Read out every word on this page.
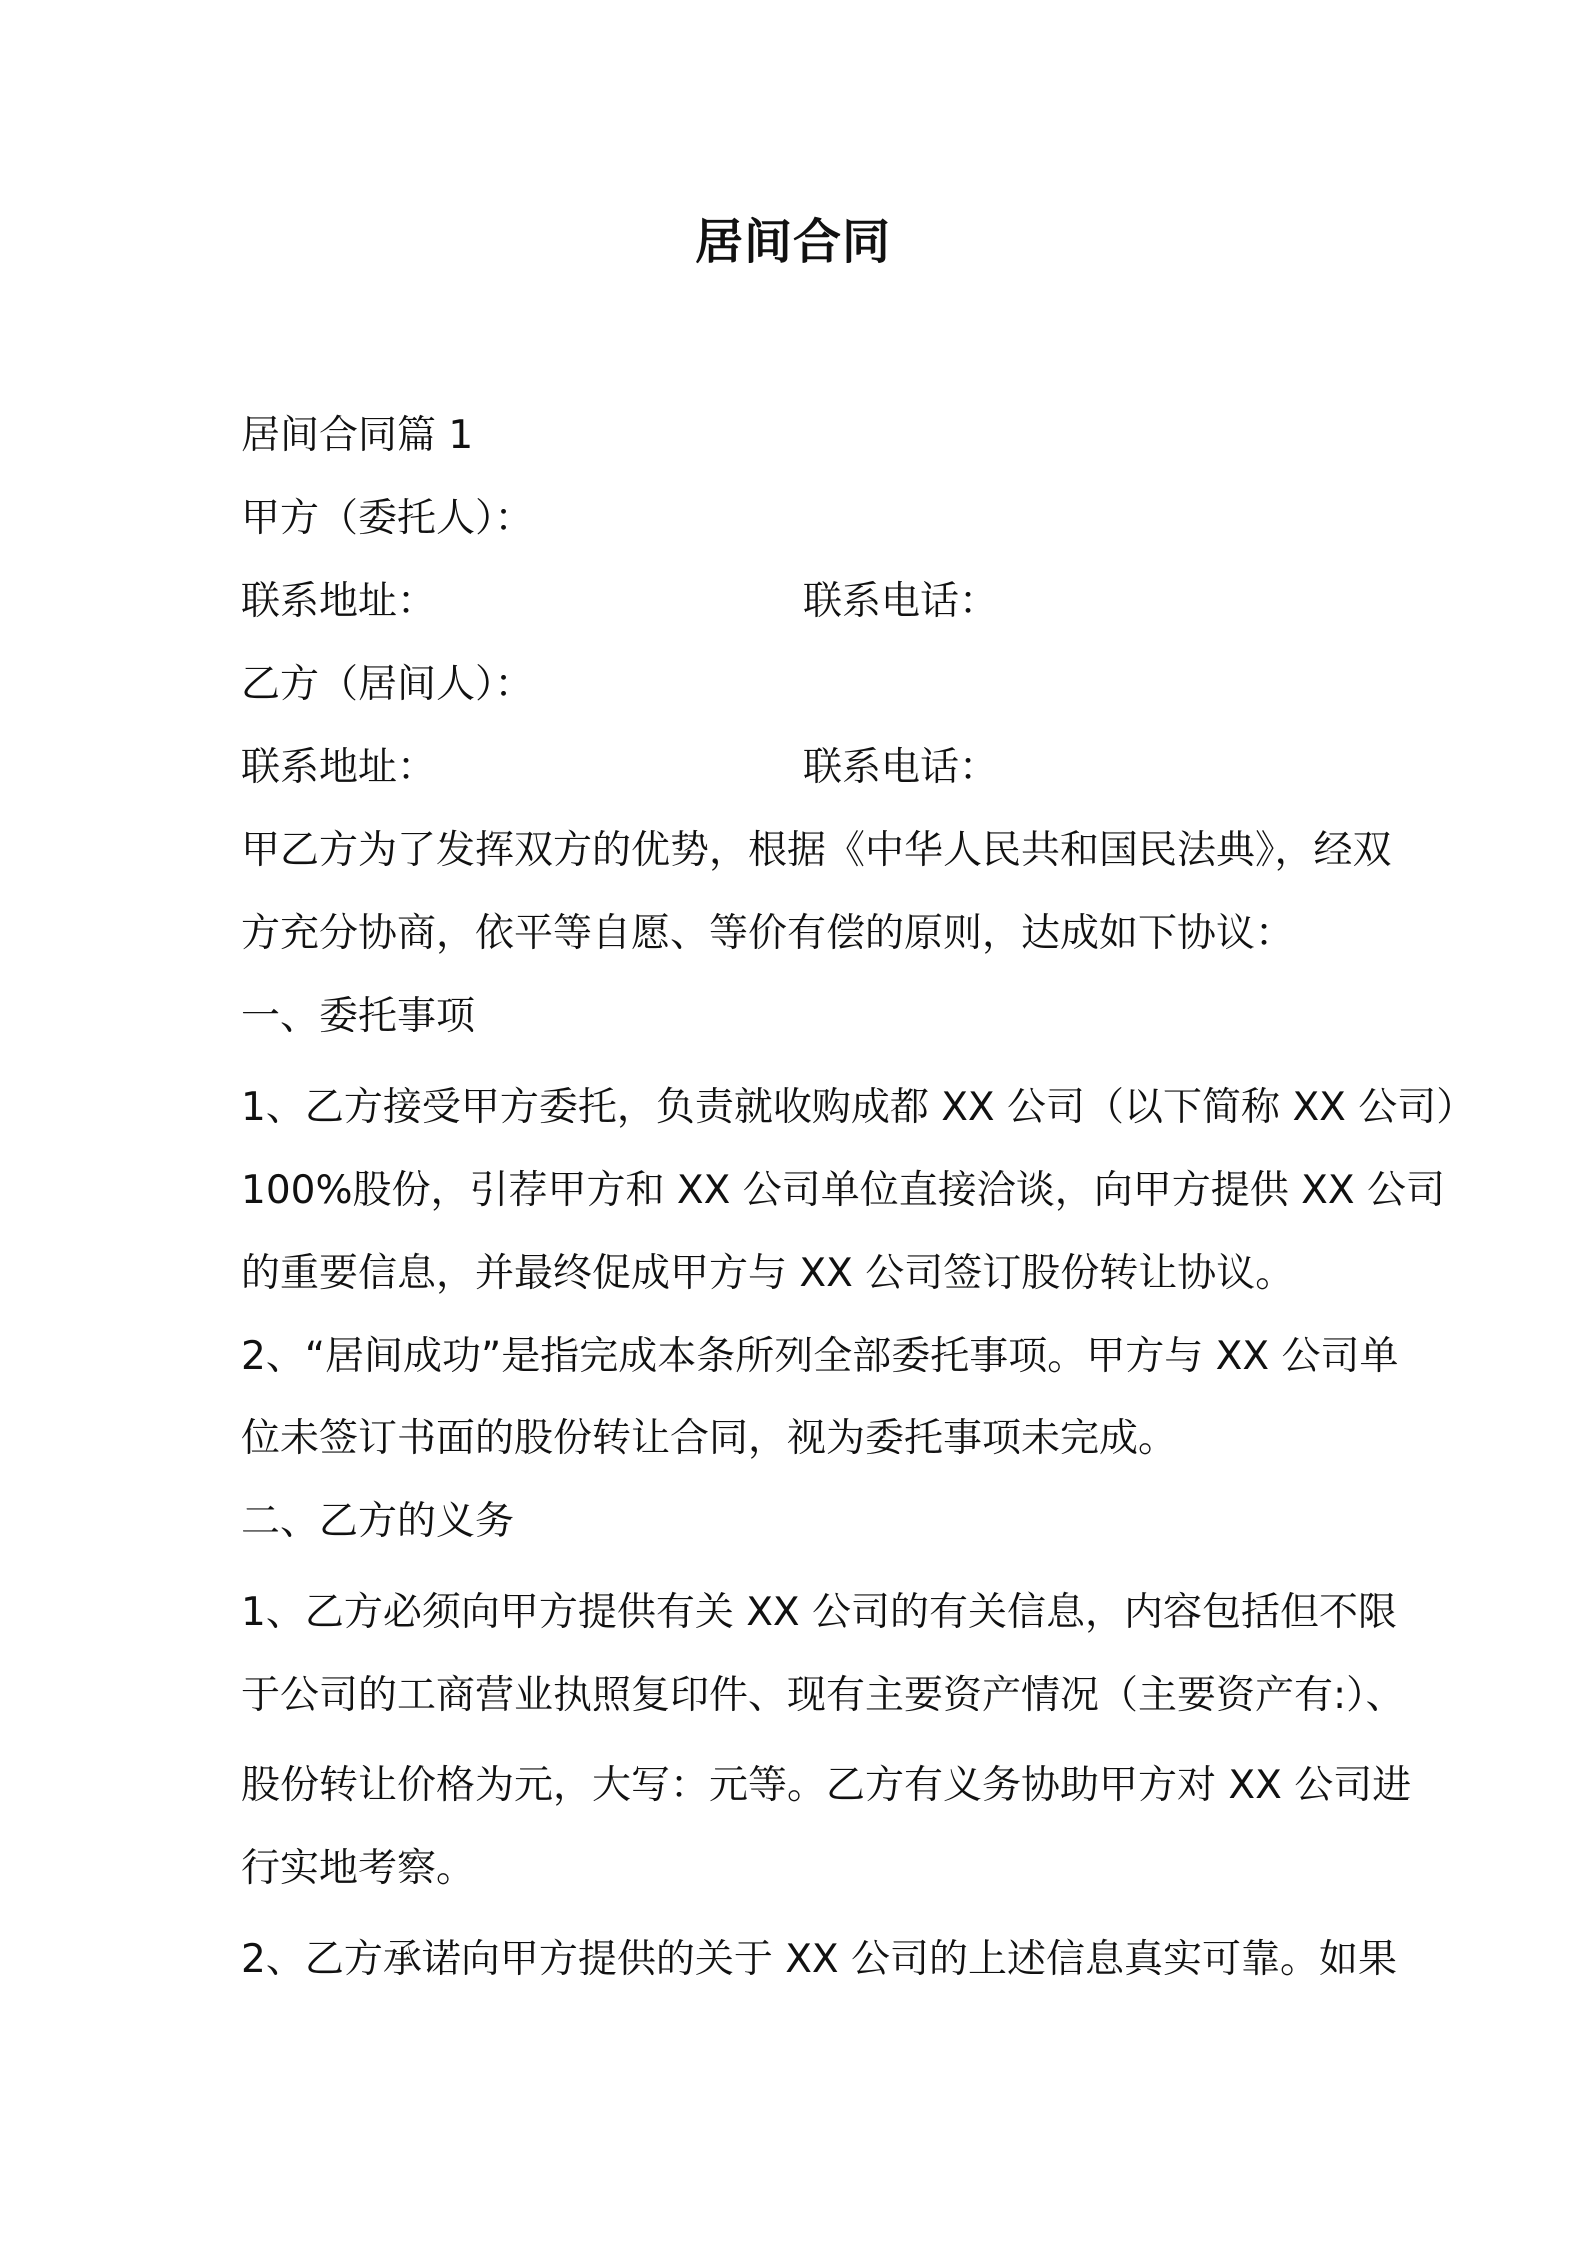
居间合同

居间合同篇 1

甲方（委托人）：

联系地址：	联系电话：

乙方（居间人）：

联系地址：	联系电话：

甲乙方为了发挥双方的优势，根据《中华人民共和国民法典》，经双

方充分协商，依平等自愿、等价有偿的原则，达成如下协议：

一、委托事项

1、乙方接受甲方委托，负责就收购成都 XX 公司（以下简称 XX 公司）

100%股份，引荐甲方和 XX 公司单位直接洽谈，向甲方提供 XX 公司

的重要信息，并最终促成甲方与 XX 公司签订股份转让协议。

2、“居间成功”是指完成本条所列全部委托事项。甲方与 XX 公司单

位未签订书面的股份转让合同，视为委托事项未完成。

二、乙方的义务

1、乙方必须向甲方提供有关 XX 公司的有关信息，内容包括但不限

于公司的工商营业执照复印件、现有主要资产情况（主要资产有:）、

股份转让价格为元，大写：元等。乙方有义务协助甲方对 XX 公司进

行实地考察。

2、乙方承诺向甲方提供的关于 XX 公司的上述信息真实可靠。如果
